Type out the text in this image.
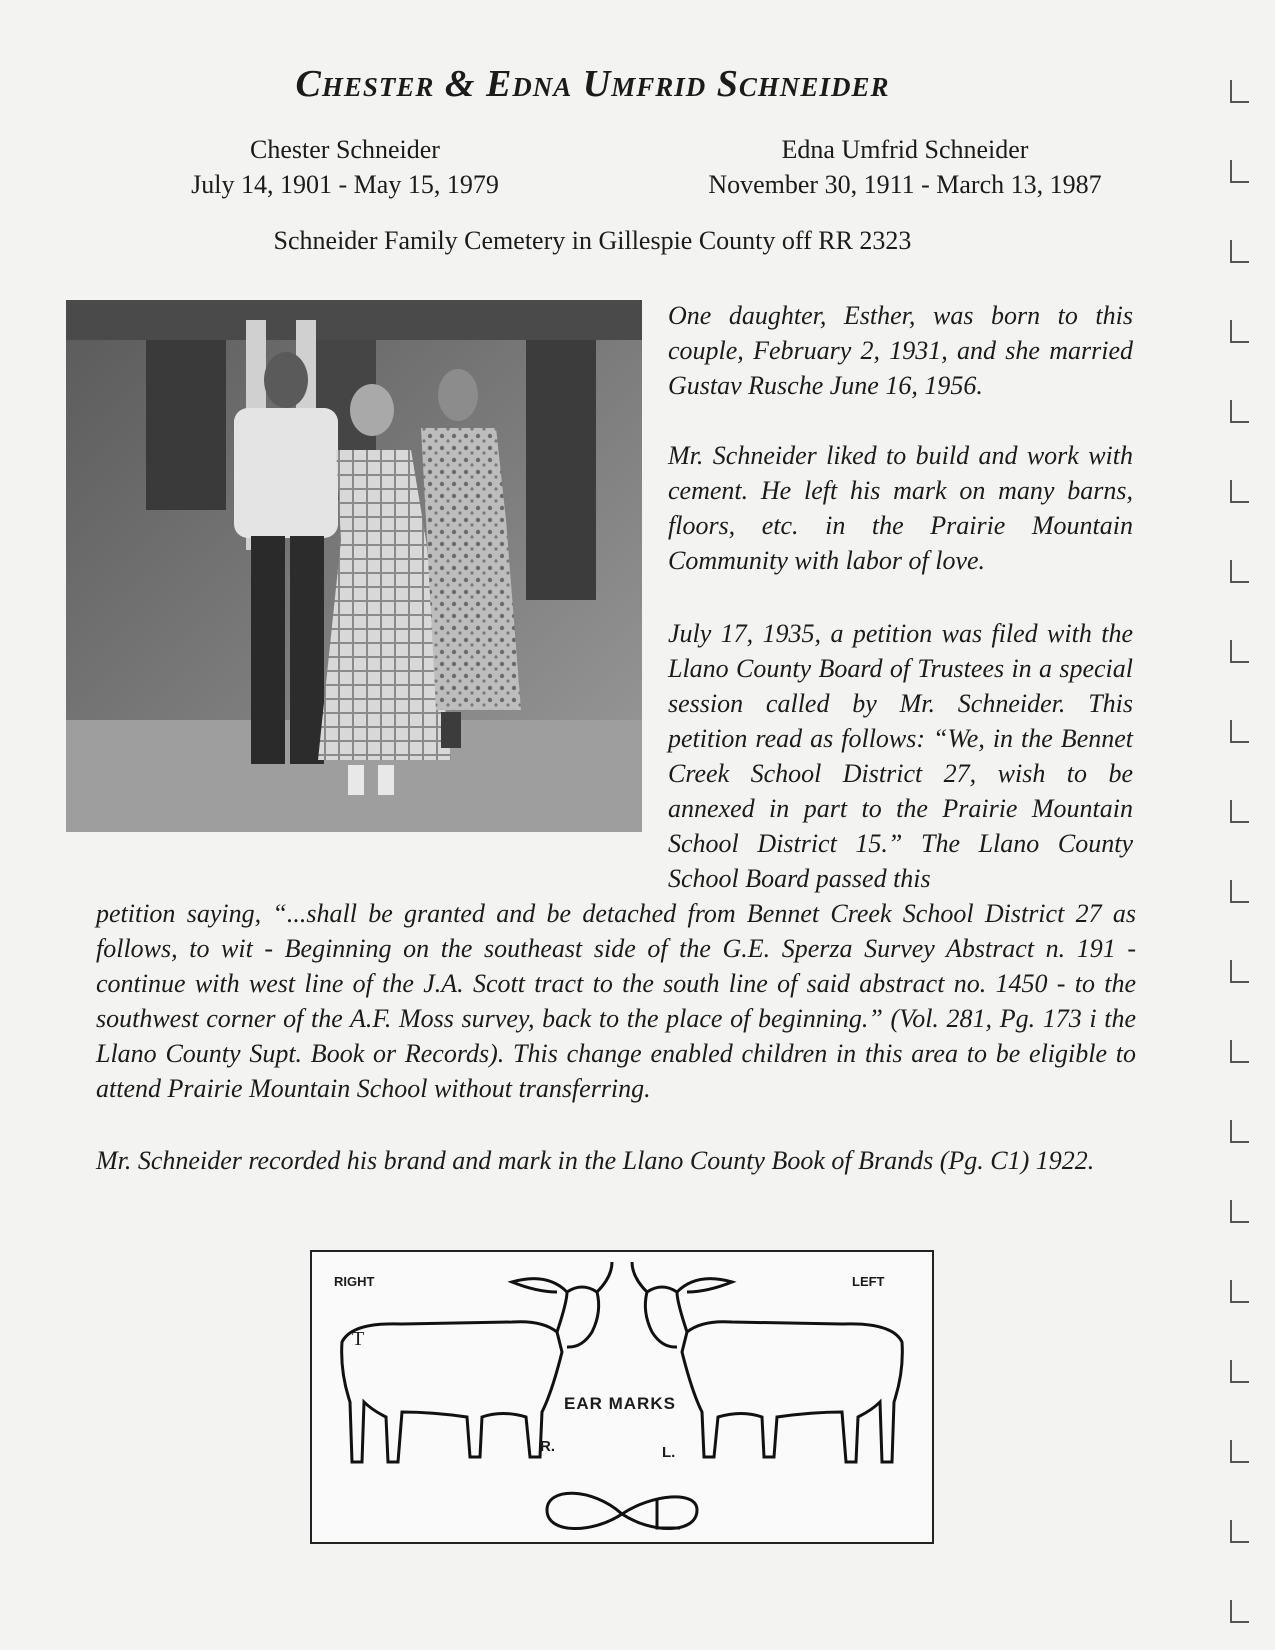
Chester & Edna Umfrid Schneider
Chester Schneider
July 14, 1901 - May 15, 1979
Edna Umfrid Schneider
November 30, 1911 - March 13, 1987
Schneider Family Cemetery in Gillespie County off RR 2323

One daughter, Esther, was born to this couple, February 2, 1931, and she married Gustav Rusche June 16, 1956.

Mr. Schneider liked to build and work with cement. He left his mark on many barns, floors, etc. in the Prairie Mountain Community with labor of love.

July 17, 1935, a petition was filed with the Llano County Board of Trustees in a special session called by Mr. Schneider. This petition read as follows: “We, in the Bennet Creek School District 27, wish to be annexed in part to the Prairie Mountain School District 15.” The Llano County School Board passed this

petition saying, “...shall be granted and be detached from Bennet Creek School District 27 as follows, to wit - Beginning on the southeast side of the G.E. Sperza Survey Abstract n. 191 - continue with west line of the J.A. Scott tract to the south line of said abstract no. 1450 - to the southwest corner of the A.F. Moss survey, back to the place of beginning.” (Vol. 281, Pg. 173 i the Llano County Supt. Book or Records). This change enabled children in this area to be eligible to attend Prairie Mountain School without transferring.

Mr. Schneider recorded his brand and mark in the Llano County Book of Brands (Pg. C1) 1922.

RIGHT	LEFT
T
EAR MARKS
R.	L.
